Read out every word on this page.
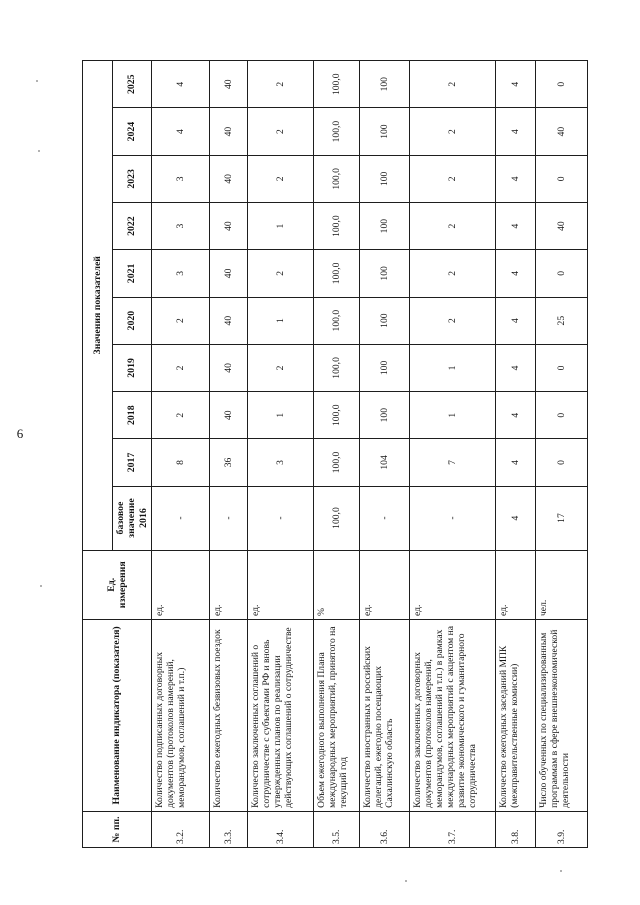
6
№ пп.	Наименование индикатора (показателя)	Ед. измерения	Значения показателей									
			базовое значение 2016	2017	2018	2019	2020	2021	2022	2023	2024	2025
3.2.	Количество подписанных договорных документов (протоколов намерений, меморандумов, соглашений и т.п.)	ед.	-	8	2	2	2	3	3	3	4	4
3.3.	Количество ежегодных безвизовых поездок	ед.	-	36	40	40	40	40	40	40	40	40
3.4.	Количество заключенных соглашений о сотрудничестве с субъектами РФ и вновь утвержденных планов по реализации действующих соглашений о сотрудничестве	ед.	-	3	1	2	1	2	1	2	2	2
3.5.	Объем ежегодного выполнения Плана международных мероприятий, принятого на текущий год	%	100,0	100,0	100,0	100,0	100,0	100,0	100,0	100,0	100,0	100,0
3.6.	Количество иностранных и российских делегаций, ежегодно посещающих Сахалинскую область	ед.	-	104	100	100	100	100	100	100	100	100
3.7.	Количество заключенных договорных документов (протоколов намерений, меморандумов, соглашений и т.п.) в рамках международных мероприятий с акцентом на развитие экономического и гуманитарного сотрудничества	ед.	-	7	1	1	2	2	2	2	2	2
3.8.	Количество ежегодных заседаний МПК (межправительственные комиссии)	ед.	4	4	4	4	4	4	4	4	4	4
3.9.	Число обученных по специализированным программам в сфере внешнеэкономической деятельности	чел.	17	0	0	0	25	0	40	0	40	0
